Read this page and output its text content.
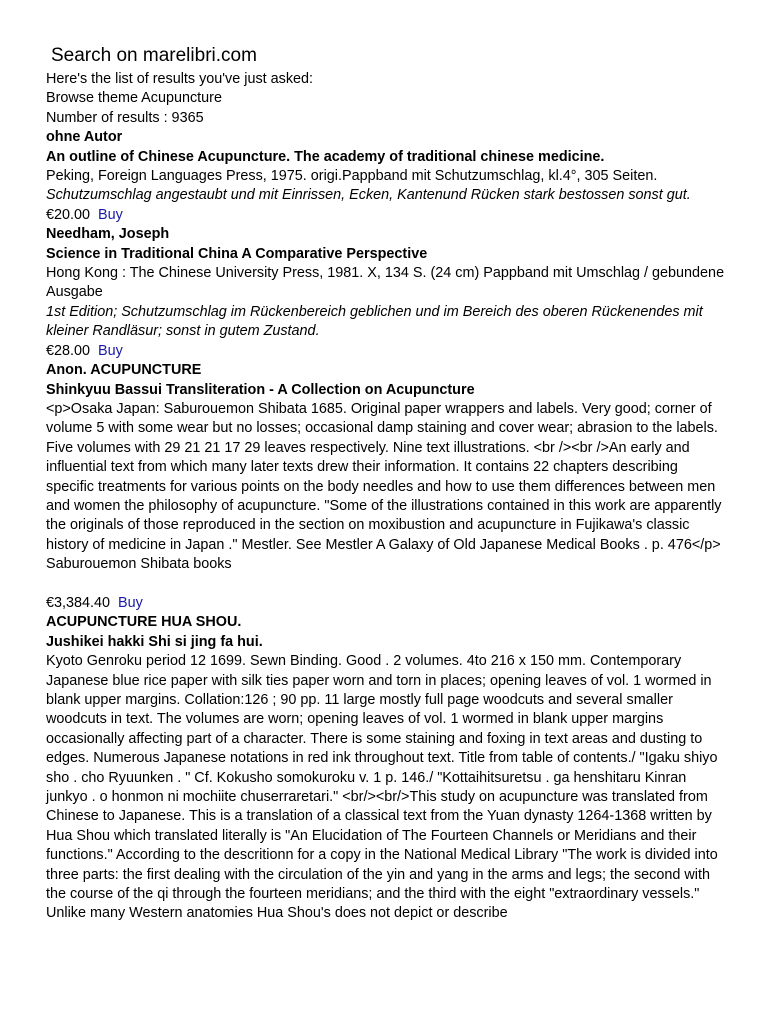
Search on marelibri.com
Here's the list of results you've just asked:
Browse theme Acupuncture
Number of results : 9365
ohne Autor
An outline of Chinese Acupuncture. The academy of traditional chinese medicine.
Peking, Foreign Languages Press, 1975. origi.Pappband mit Schutzumschlag, kl.4°, 305 Seiten.
Schutzumschlag angestaubt und mit Einrissen, Ecken, Kantenund Rücken stark bestossen sonst gut.
€20.00 Buy
Needham, Joseph
Science in Traditional China A Comparative Perspective
Hong Kong : The Chinese University Press, 1981. X, 134 S. (24 cm) Pappband mit Umschlag / gebundene Ausgabe
1st Edition; Schutzumschlag im Rückenbereich geblichen und im Bereich des oberen Rückenendes mit kleiner Randläsur; sonst in gutem Zustand.
€28.00 Buy
Anon. ACUPUNCTURE
Shinkyuu Bassui Transliteration - A Collection on Acupuncture
<p>Osaka Japan: Saburouemon Shibata 1685. Original paper wrappers and labels. Very good; corner of volume 5 with some wear but no losses; occasional damp staining and cover wear; abrasion to the labels. Five volumes with 29 21 21 17 29 leaves respectively. Nine text illustrations. <br /><br />An early and influential text from which many later texts drew their information. It contains 22 chapters describing specific treatments for various points on the body needles and how to use them differences between men and women the philosophy of acupuncture. "Some of the illustrations contained in this work are apparently the originals of those reproduced in the section on moxibustion and acupuncture in Fujikawa's classic history of medicine in Japan ." Mestler. See Mestler A Galaxy of Old Japanese Medical Books . p. 476</p>
Saburouemon Shibata books
€3,384.40 Buy
ACUPUNCTURE HUA SHOU.
Jushikei hakki Shi si jing fa hui.
Kyoto Genroku period 12 1699. Sewn Binding. Good . 2 volumes. 4to 216 x 150 mm. Contemporary Japanese blue rice paper with silk ties paper worn and torn in places; opening leaves of vol. 1 wormed in blank upper margins. Collation:126 ; 90 pp. 11 large mostly full page woodcuts and several smaller woodcuts in text. The volumes are worn; opening leaves of vol. 1 wormed in blank upper margins occasionally affecting part of a character. There is some staining and foxing in text areas and dusting to edges. Numerous Japanese notations in red ink throughout text. Title from table of contents./ "Igaku shiyo sho . cho Ryuunken . " Cf. Kokusho somokuroku v. 1 p. 146./ "Kottaihitsuretsu . ga henshitaru Kinran junkyo . o honmon ni mochiite chuserraretari." <br/><br/>This study on acupuncture was translated from Chinese to Japanese. This is a translation of a classical text from the Yuan dynasty 1264-1368 written by Hua Shou which translated literally is "An Elucidation of The Fourteen Channels or Meridians and their functions." According to the descritionn for a copy in the National Medical Library "The work is divided into three parts: the first dealing with the circulation of the yin and yang in the arms and legs; the second with the course of the qi through the fourteen meridians; and the third with the eight "extraordinary vessels." Unlike many Western anatomies Hua Shou's does not depict or describe
